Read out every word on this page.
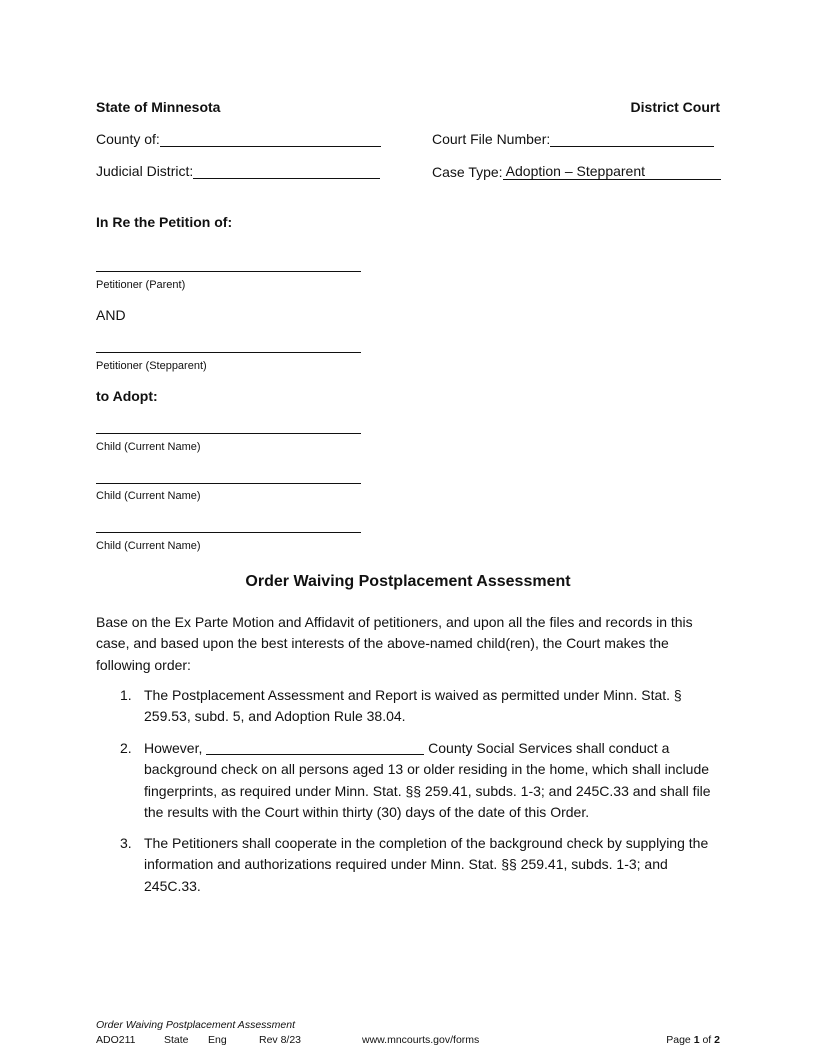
State of Minnesota	District Court
County of:	Court File Number:
Judicial District:	Case Type: Adoption – Stepparent
In Re the Petition of:
Petitioner (Parent)
AND
Petitioner (Stepparent)
to Adopt:
Child (Current Name)
Child (Current Name)
Child (Current Name)
Order Waiving Postplacement Assessment
Base on the Ex Parte Motion and Affidavit of petitioners, and upon all the files and records in this case, and based upon the best interests of the above-named child(ren), the Court makes the following order:
1. The Postplacement Assessment and Report is waived as permitted under Minn. Stat. § 259.53, subd. 5, and Adoption Rule 38.04.
2. However,	County Social Services shall conduct a background check on all persons aged 13 or older residing in the home, which shall include fingerprints, as required under Minn. Stat. §§ 259.41, subds. 1-3; and 245C.33 and shall file the results with the Court within thirty (30) days of the date of this Order.
3. The Petitioners shall cooperate in the completion of the background check by supplying the information and authorizations required under Minn. Stat. §§ 259.41, subds. 1-3; and 245C.33.
Order Waiving Postplacement Assessment
ADO211	State Eng	Rev 8/23	www.mncourts.gov/forms	Page 1 of 2
